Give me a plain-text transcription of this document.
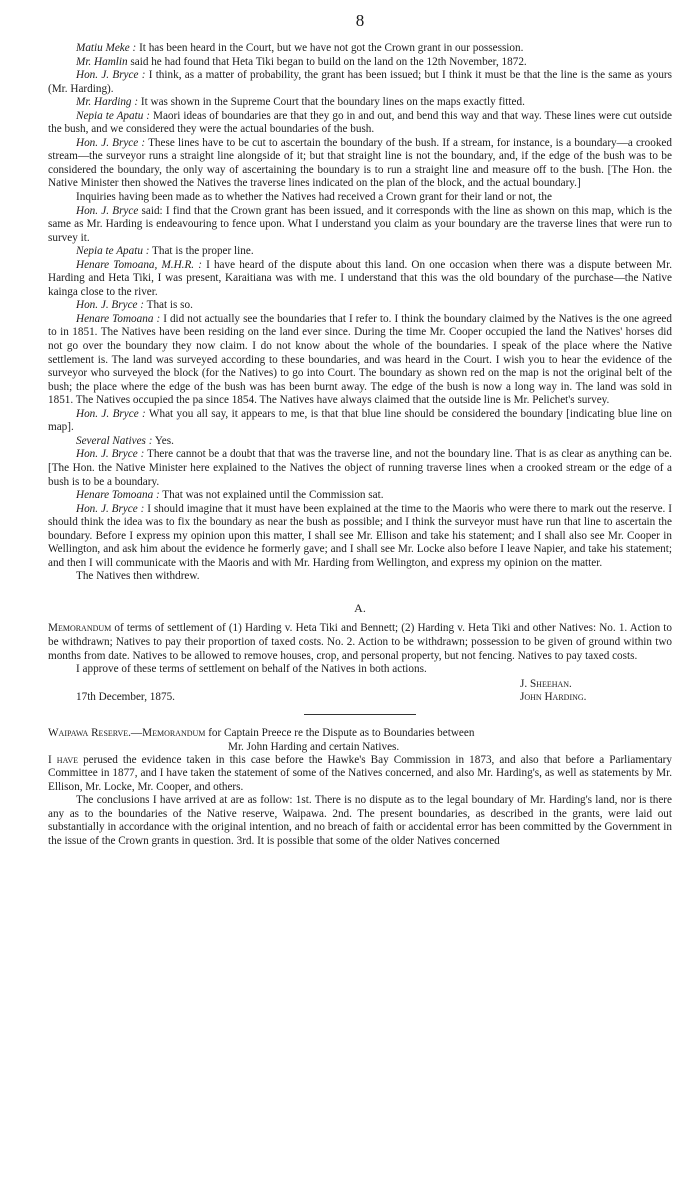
8

Matiu Meke : It has been heard in the Court, but we have not got the Crown grant in our possession.

Mr. Hamlin said he had found that Heta Tiki began to build on the land on the 12th November, 1872.

Hon. J. Bryce : I think, as a matter of probability, the grant has been issued; but I think it must be that the line is the same as yours (Mr. Harding).

Mr. Harding : It was shown in the Supreme Court that the boundary lines on the maps exactly fitted.

Nepia te Apatu : Maori ideas of boundaries are that they go in and out, and bend this way and that way. These lines were cut outside the bush, and we considered they were the actual boundaries of the bush.

Hon. J. Bryce : These lines have to be cut to ascertain the boundary of the bush. If a stream, for instance, is a boundary—a crooked stream—the surveyor runs a straight line alongside of it; but that straight line is not the boundary, and, if the edge of the bush was to be considered the boundary, the only way of ascertaining the boundary is to run a straight line and measure off to the bush. [The Hon. the Native Minister then showed the Natives the traverse lines indicated on the plan of the block, and the actual boundary.]

Inquiries having been made as to whether the Natives had received a Crown grant for their land or not, the

Hon. J. Bryce said: I find that the Crown grant has been issued, and it corresponds with the line as shown on this map, which is the same as Mr. Harding is endeavouring to fence upon. What I understand you claim as your boundary are the traverse lines that were run to survey it.

Nepia te Apatu : That is the proper line.

Henare Tomoana, M.H.R. : I have heard of the dispute about this land. On one occasion when there was a dispute between Mr. Harding and Heta Tiki, I was present, Karaitiana was with me. I understand that this was the old boundary of the purchase—the Native kainga close to the river.

Hon. J. Bryce : That is so.

Henare Tomoana : I did not actually see the boundaries that I refer to. I think the boundary claimed by the Natives is the one agreed to in 1851. The Natives have been residing on the land ever since. During the time Mr. Cooper occupied the land the Natives' horses did not go over the boundary they now claim. I do not know about the whole of the boundaries. I speak of the place where the Native settlement is. The land was surveyed according to these boundaries, and was heard in the Court. I wish you to hear the evidence of the surveyor who surveyed the block (for the Natives) to go into Court. The boundary as shown red on the map is not the original belt of the bush; the place where the edge of the bush was has been burnt away. The edge of the bush is now a long way in. The land was sold in 1851. The Natives occupied the pa since 1854. The Natives have always claimed that the outside line is Mr. Pelichet's survey.

Hon. J. Bryce : What you all say, it appears to me, is that that blue line should be considered the boundary [indicating blue line on map].

Several Natives : Yes.

Hon. J. Bryce : There cannot be a doubt that that was the traverse line, and not the boundary line. That is as clear as anything can be. [The Hon. the Native Minister here explained to the Natives the object of running traverse lines when a crooked stream or the edge of a bush is to be a boundary.

Henare Tomoana : That was not explained until the Commission sat.

Hon. J. Bryce : I should imagine that it must have been explained at the time to the Maoris who were there to mark out the reserve. I should think the idea was to fix the boundary as near the bush as possible; and I think the surveyor must have run that line to ascertain the boundary. Before I express my opinion upon this matter, I shall see Mr. Ellison and take his statement; and I shall also see Mr. Cooper in Wellington, and ask him about the evidence he formerly gave; and I shall see Mr. Locke also before I leave Napier, and take his statement; and then I will communicate with the Maoris and with Mr. Harding from Wellington, and express my opinion on the matter.

The Natives then withdrew.

A.

Memorandum of terms of settlement of (1) Harding v. Heta Tiki and Bennett; (2) Harding v. Heta Tiki and other Natives: No. 1. Action to be withdrawn; Natives to pay their proportion of taxed costs. No. 2. Action to be withdrawn; possession to be given of ground within two months from date. Natives to be allowed to remove houses, crop, and personal property, but not fencing. Natives to pay taxed costs.

I approve of these terms of settlement on behalf of the Natives in both actions.

J. Sheehan.
17th December, 1875.	John Harding.

Waipawa Reserve.—Memorandum for Captain Preece re the Dispute as to Boundaries between
Mr. John Harding and certain Natives.

I have perused the evidence taken in this case before the Hawke's Bay Commission in 1873, and also that before a Parliamentary Committee in 1877, and I have taken the statement of some of the Natives concerned, and also Mr. Harding's, as well as statements by Mr. Ellison, Mr. Locke, Mr. Cooper, and others.

The conclusions I have arrived at are as follow: 1st. There is no dispute as to the legal boundary of Mr. Harding's land, nor is there any as to the boundaries of the Native reserve, Waipawa. 2nd. The present boundaries, as described in the grants, were laid out substantially in accordance with the original intention, and no breach of faith or accidental error has been committed by the Government in the issue of the Crown grants in question. 3rd. It is possible that some of the older Natives concerned
